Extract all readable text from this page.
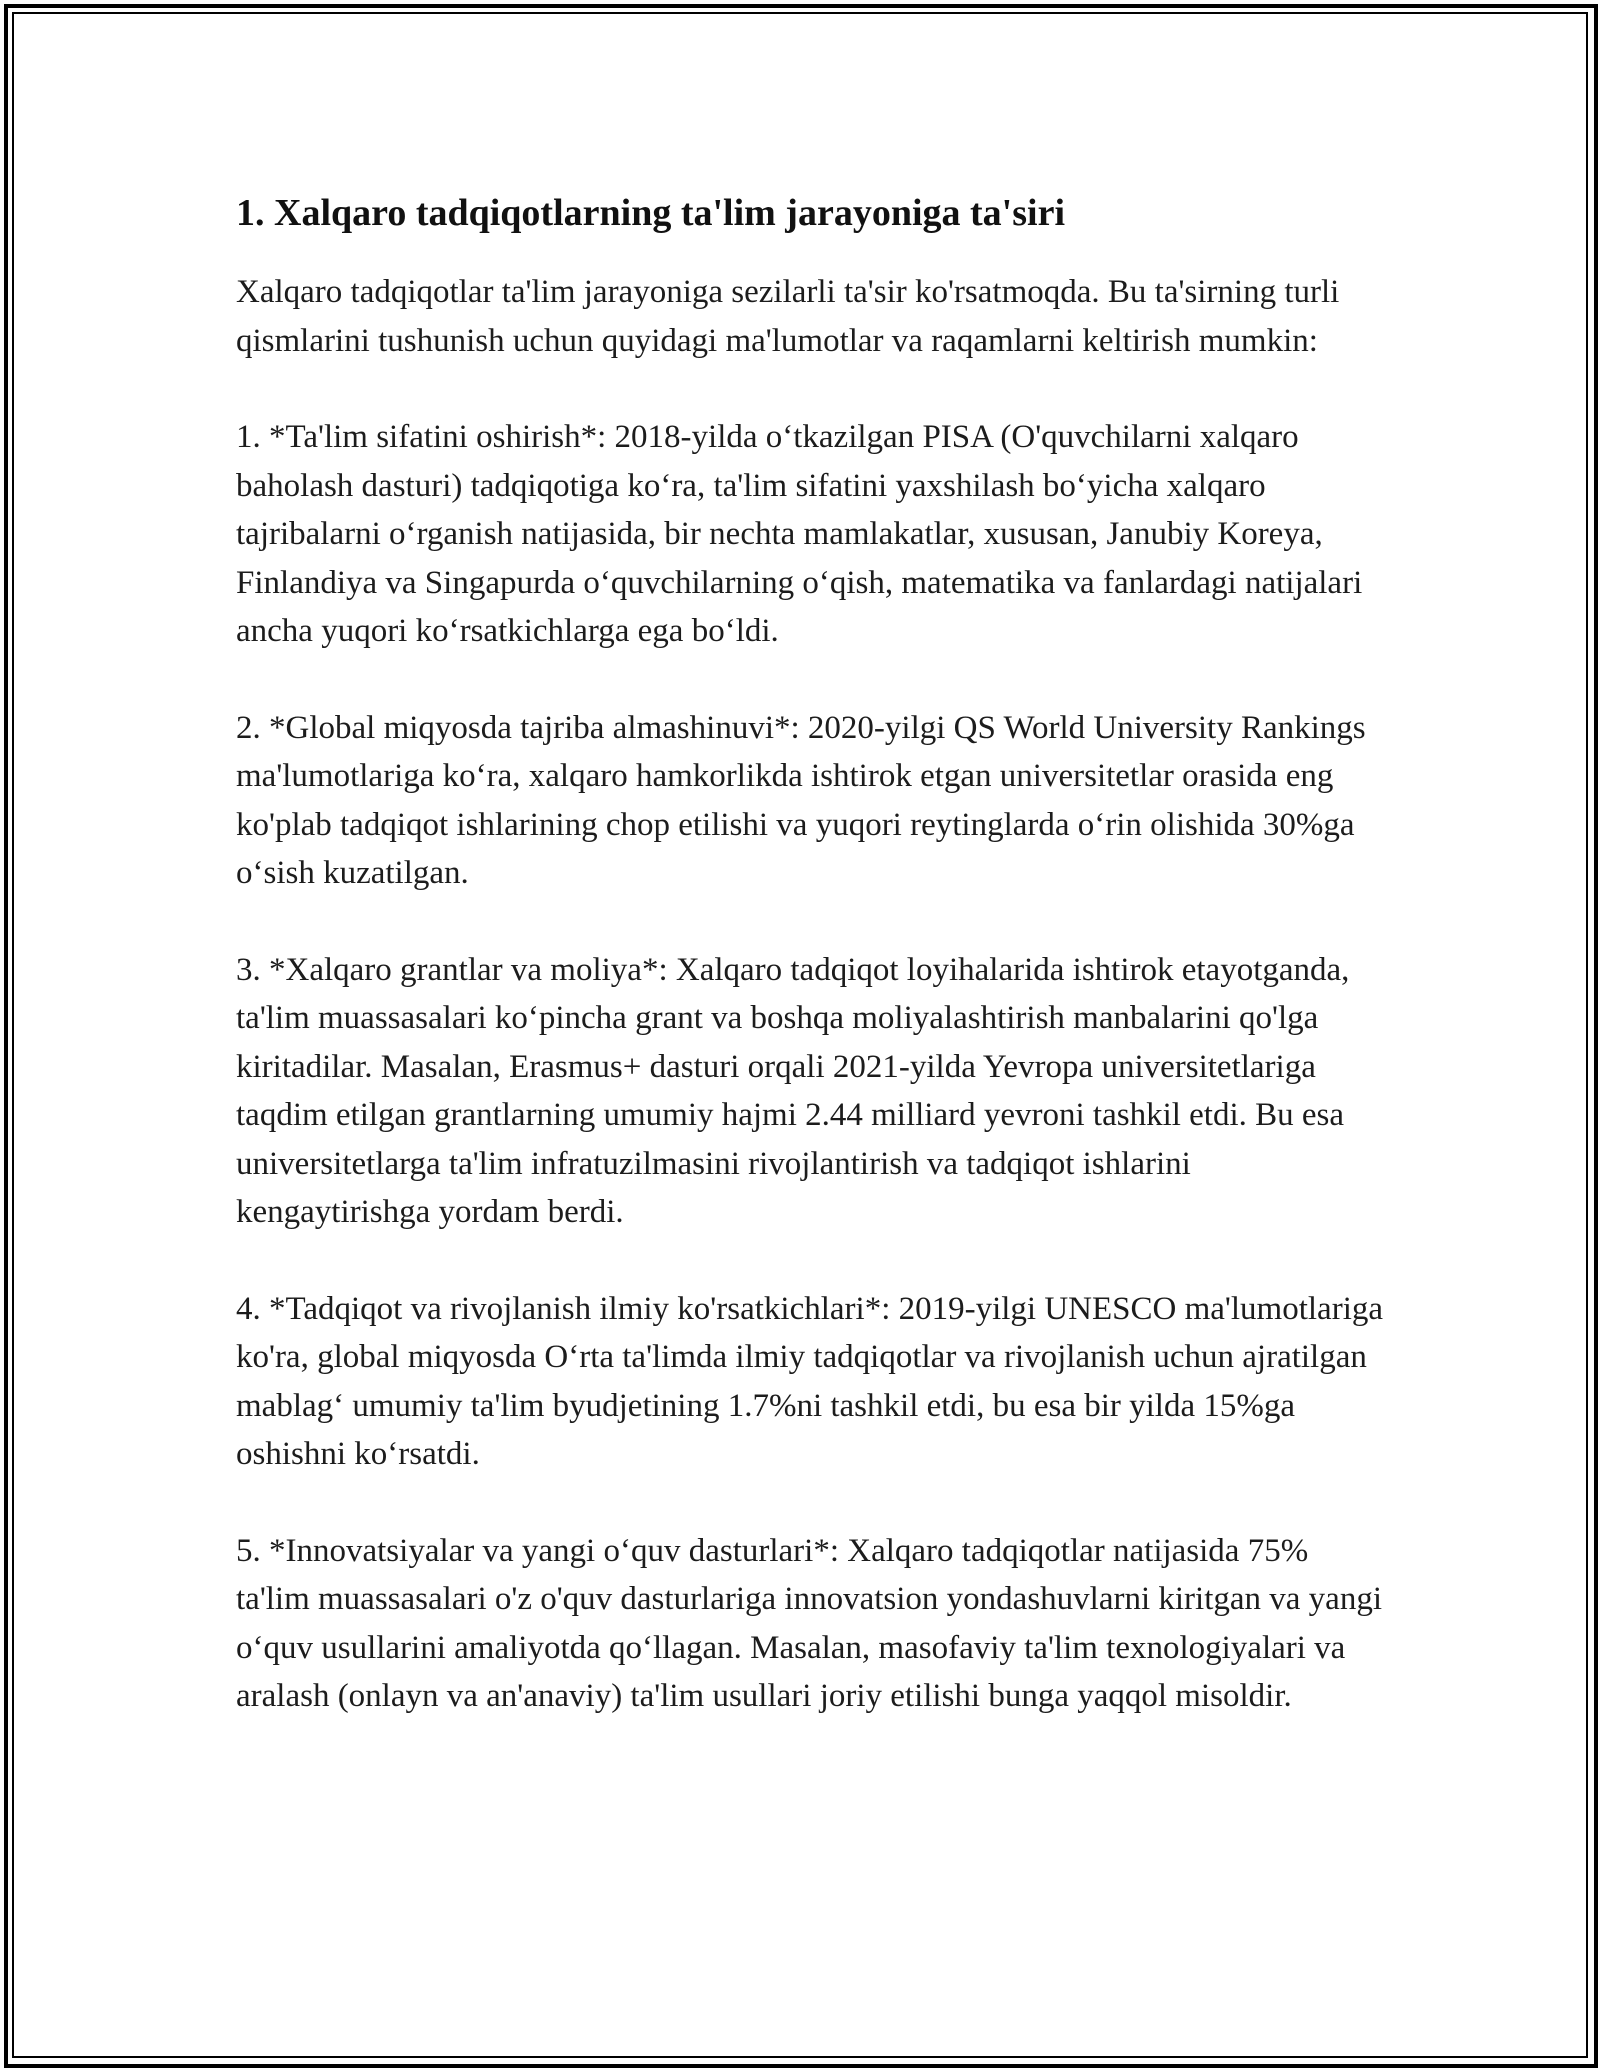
1. Xalqaro tadqiqotlarning ta'lim jarayoniga ta'siri

Xalqaro tadqiqotlar ta'lim jarayoniga sezilarli ta'sir ko'rsatmoqda. Bu ta'sirning turli qismlarini tushunish uchun quyidagi ma'lumotlar va raqamlarni keltirish mumkin:

1. *Ta'lim sifatini oshirish*: 2018-yilda o‘tkazilgan PISA (O'quvchilarni xalqaro baholash dasturi) tadqiqotiga ko‘ra, ta'lim sifatini yaxshilash bo‘yicha xalqaro tajribalarni o‘rganish natijasida, bir nechta mamlakatlar, xususan, Janubiy Koreya, Finlandiya va Singapurda o‘quvchilarning o‘qish, matematika va fanlardagi natijalari ancha yuqori ko‘rsatkichlarga ega bo‘ldi.

2. *Global miqyosda tajriba almashinuvi*: 2020-yilgi QS World University Rankings ma'lumotlariga ko‘ra, xalqaro hamkorlikda ishtirok etgan universitetlar orasida eng ko'plab tadqiqot ishlarining chop etilishi va yuqori reytinglarda o‘rin olishida 30%ga o‘sish kuzatilgan.

3. *Xalqaro grantlar va moliya*: Xalqaro tadqiqot loyihalarida ishtirok etayotganda, ta'lim muassasalari ko‘pincha grant va boshqa moliyalashtirish manbalarini qo'lga kiritadilar. Masalan, Erasmus+ dasturi orqali 2021-yilda Yevropa universitetlariga taqdim etilgan grantlarning umumiy hajmi 2.44 milliard yevroni tashkil etdi. Bu esa universitetlarga ta'lim infratuzilmasini rivojlantirish va tadqiqot ishlarini kengaytirishga yordam berdi.

4. *Tadqiqot va rivojlanish ilmiy ko'rsatkichlari*: 2019-yilgi UNESCO ma'lumotlariga ko'ra, global miqyosda O‘rta ta'limda ilmiy tadqiqotlar va rivojlanish uchun ajratilgan mablag‘ umumiy ta'lim byudjetining 1.7%ni tashkil etdi, bu esa bir yilda 15%ga oshishni ko‘rsatdi.

5. *Innovatsiyalar va yangi o‘quv dasturlari*: Xalqaro tadqiqotlar natijasida 75% ta'lim muassasalari o'z o'quv dasturlariga innovatsion yondashuvlarni kiritgan va yangi o‘quv usullarini amaliyotda qo‘llagan. Masalan, masofaviy ta'lim texnologiyalari va aralash (onlayn va an'anaviy) ta'lim usullari joriy etilishi bunga yaqqol misoldir.
